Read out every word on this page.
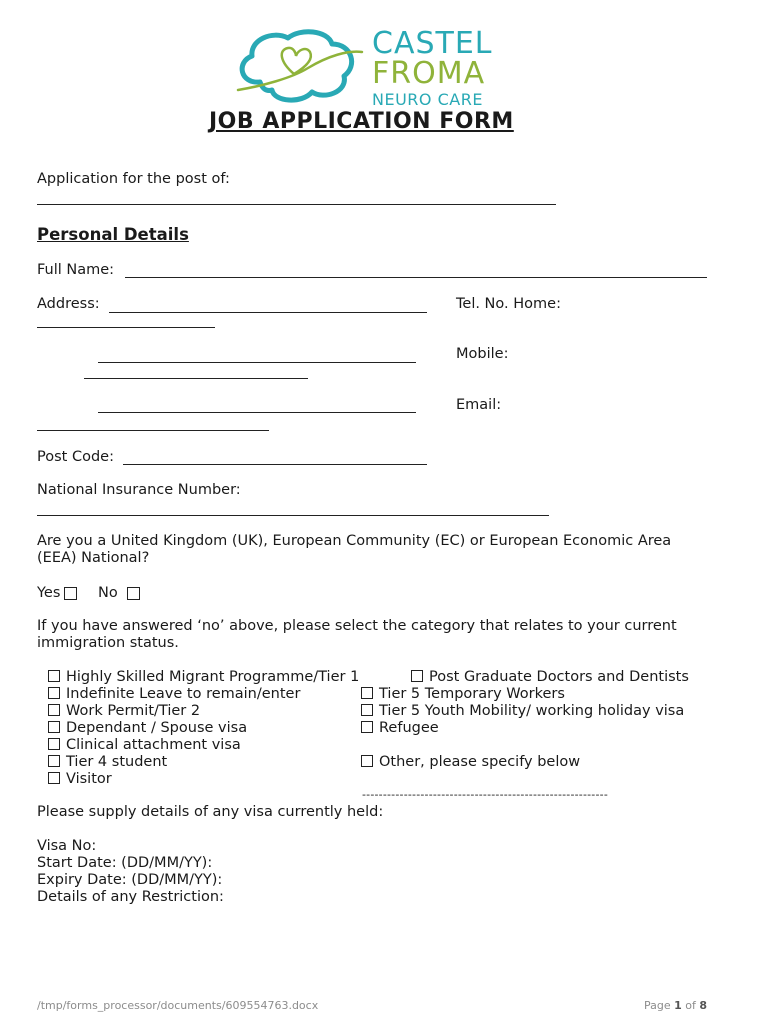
CASTEL
FROMA
NEURO CARE
JOB APPLICATION FORM
Application for the post of:
Personal Details
Full Name:
Address:	Tel. No. Home:
Mobile:
Email:
Post Code:
National Insurance Number:
Are you a United Kingdom (UK), European Community (EC) or European Economic Area
(EEA) National?
Yes	No
If you have answered ‘no’ above, please select the category that relates to your current
immigration status.
Highly Skilled Migrant Programme/Tier 1
Indefinite Leave to remain/enter
Work Permit/Tier 2
Dependant / Spouse visa
Clinical attachment visa
Tier 4 student
Visitor
Post Graduate Doctors and Dentists
Tier 5 Temporary Workers
Tier 5 Youth Mobility/ working holiday visa
Refugee
Other, please specify below
-----------------------------------------------------------
Please supply details of any visa currently held:
Visa No:
Start Date: (DD/MM/YY):
Expiry Date: (DD/MM/YY):
Details of any Restriction:
/tmp/forms_processor/documents/609554763.docx	Page 1 of 8
